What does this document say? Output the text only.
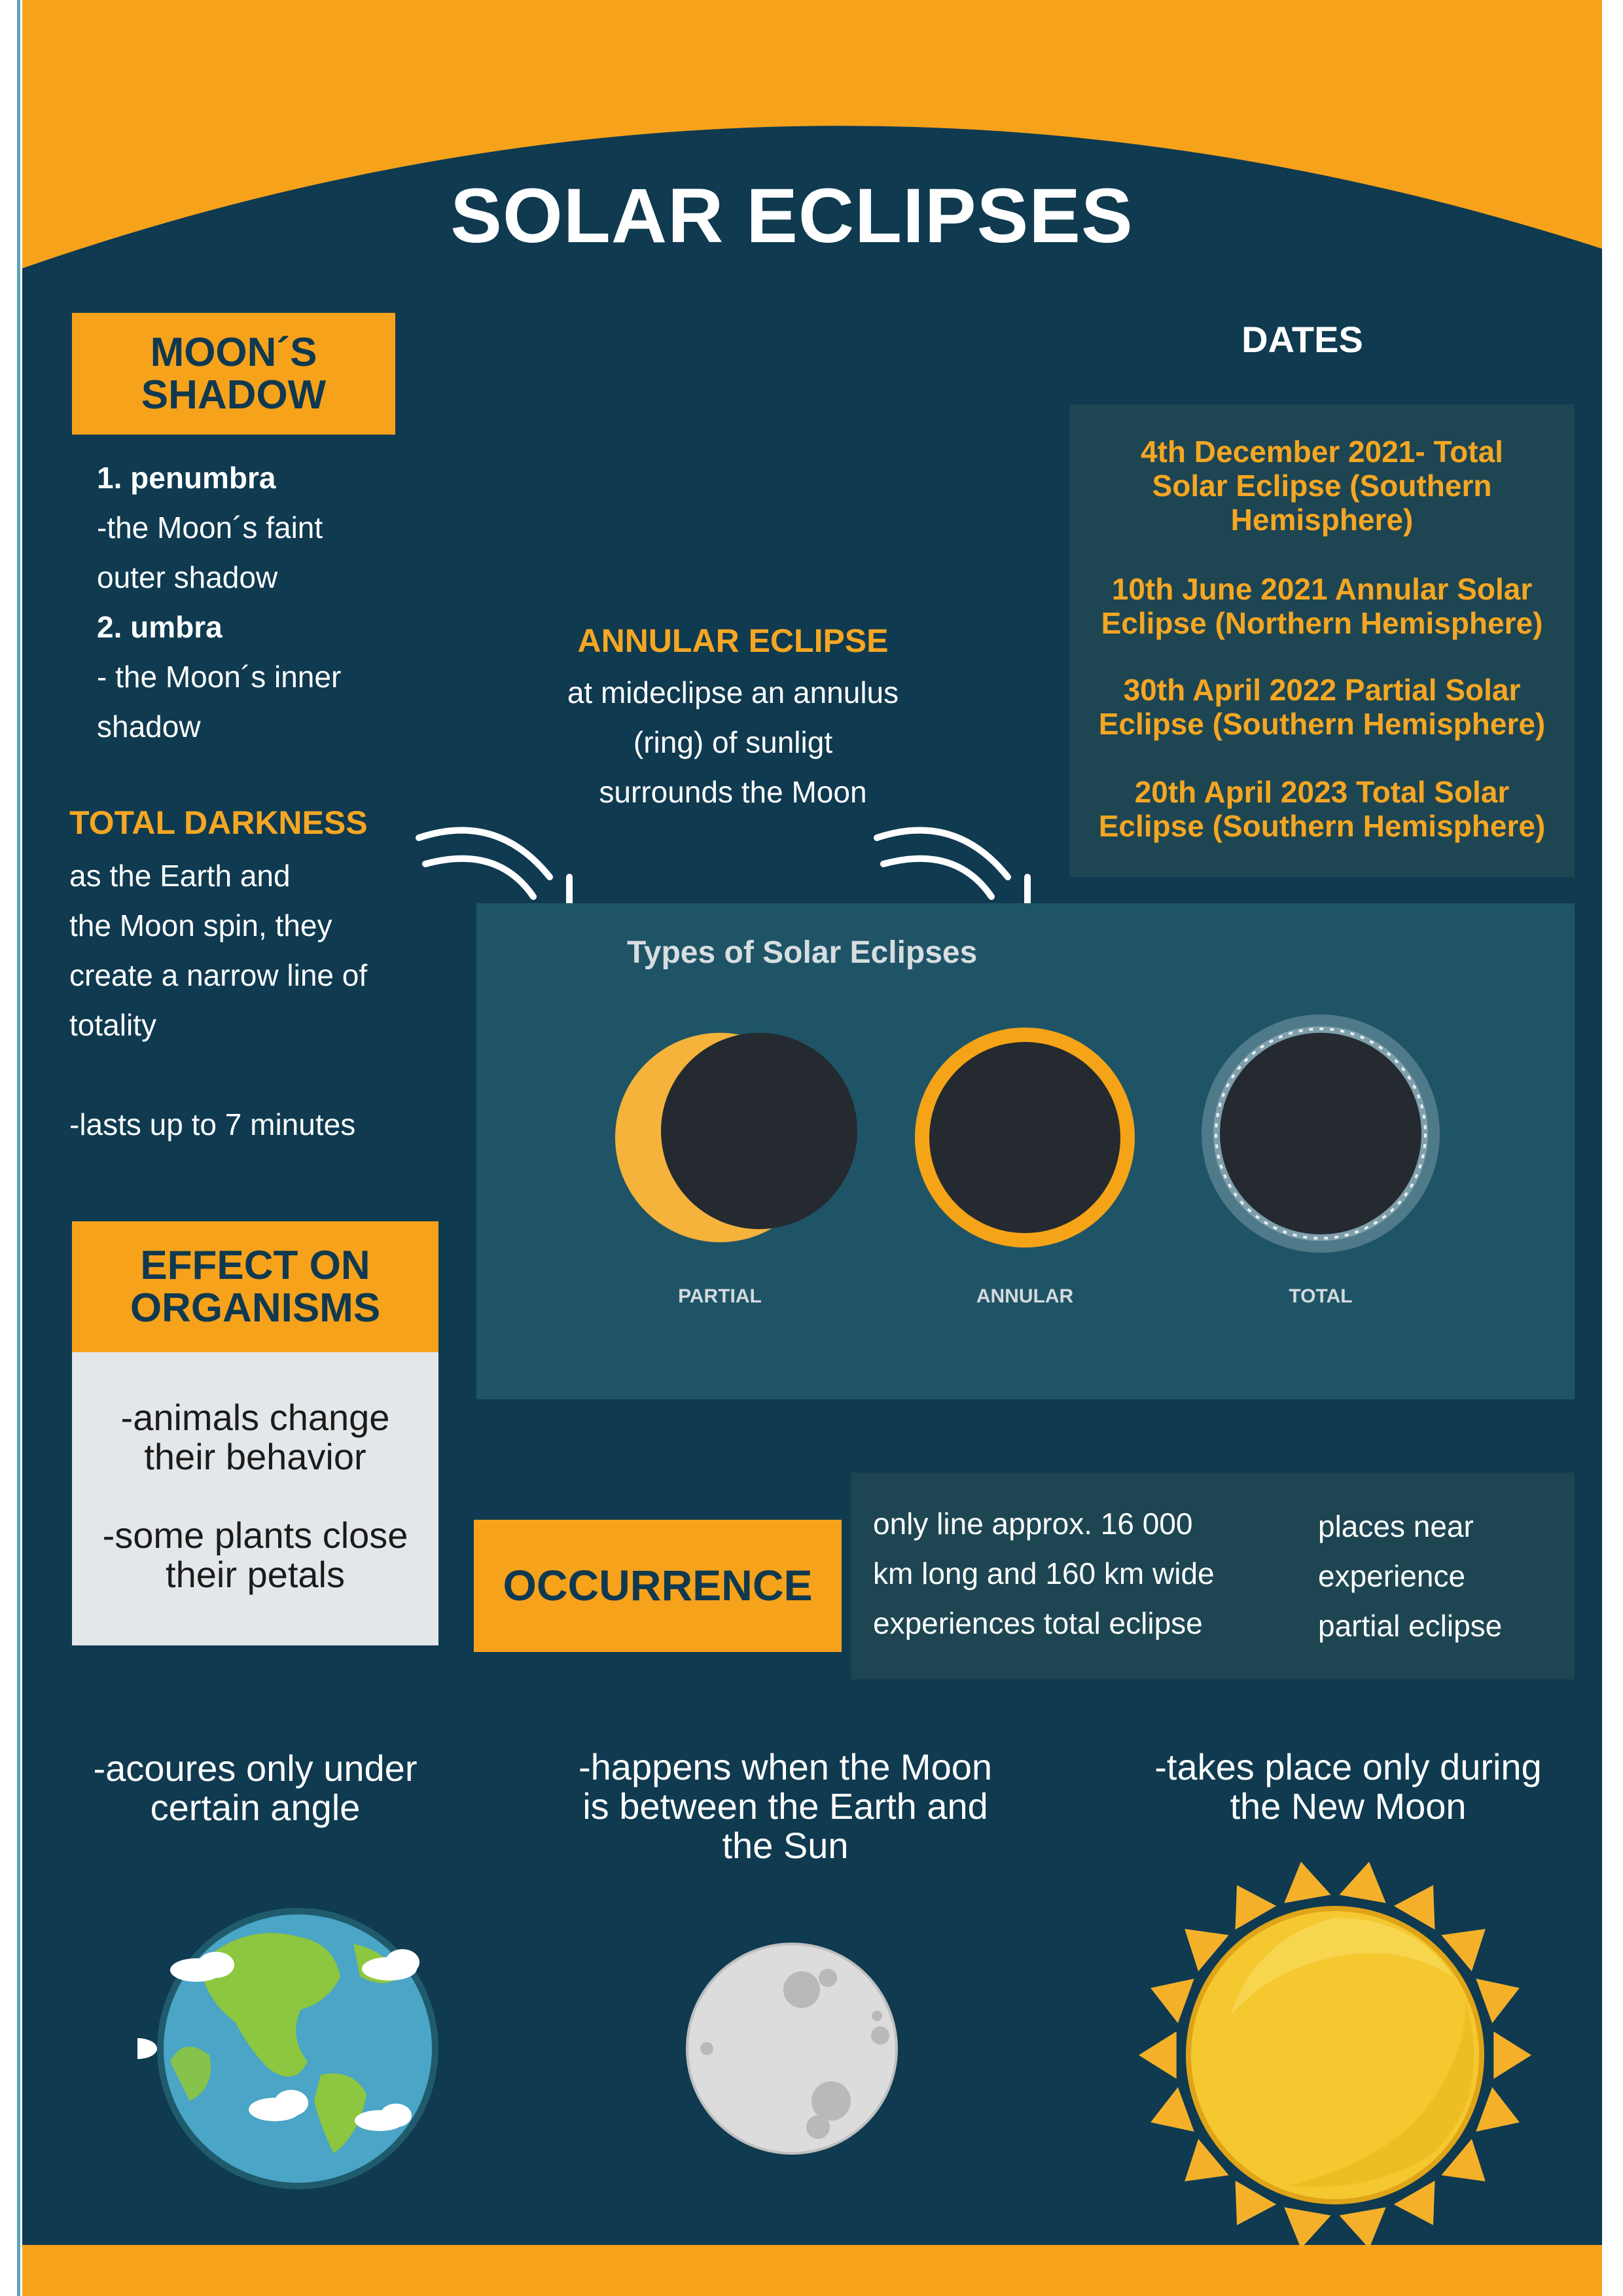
SOLAR ECLIPSES
MOON´S
SHADOW
1. penumbra
-the Moon´s faint
outer shadow
2. umbra
- the Moon´s inner
shadow
TOTAL DARKNESS
as the Earth and
the Moon spin, they
create a narrow line of
totality
-lasts up to 7 minutes
ANNULAR ECLIPSE
at mideclipse an annulus
(ring) of sunligt
surrounds the Moon
DATES
4th December 2021- Total
Solar Eclipse (Southern
Hemisphere)
10th June 2021 Annular Solar
Eclipse (Northern Hemisphere)
30th April 2022 Partial Solar
Eclipse (Southern Hemisphere)
20th April 2023 Total Solar
Eclipse (Southern Hemisphere)
Types of Solar Eclipses
PARTIAL	ANNULAR	TOTAL
EFFECT ON
ORGANISMS
-animals change
their behavior
-some plants close
their petals	OCCURRENCE
only line approx. 16 000
km long and 160 km wide
experiences total eclipse
places near
experience
partial eclipse
-acoures only under
certain angle
-happens when the Moon
is between the Earth and
the Sun
-takes place only during
the New Moon
